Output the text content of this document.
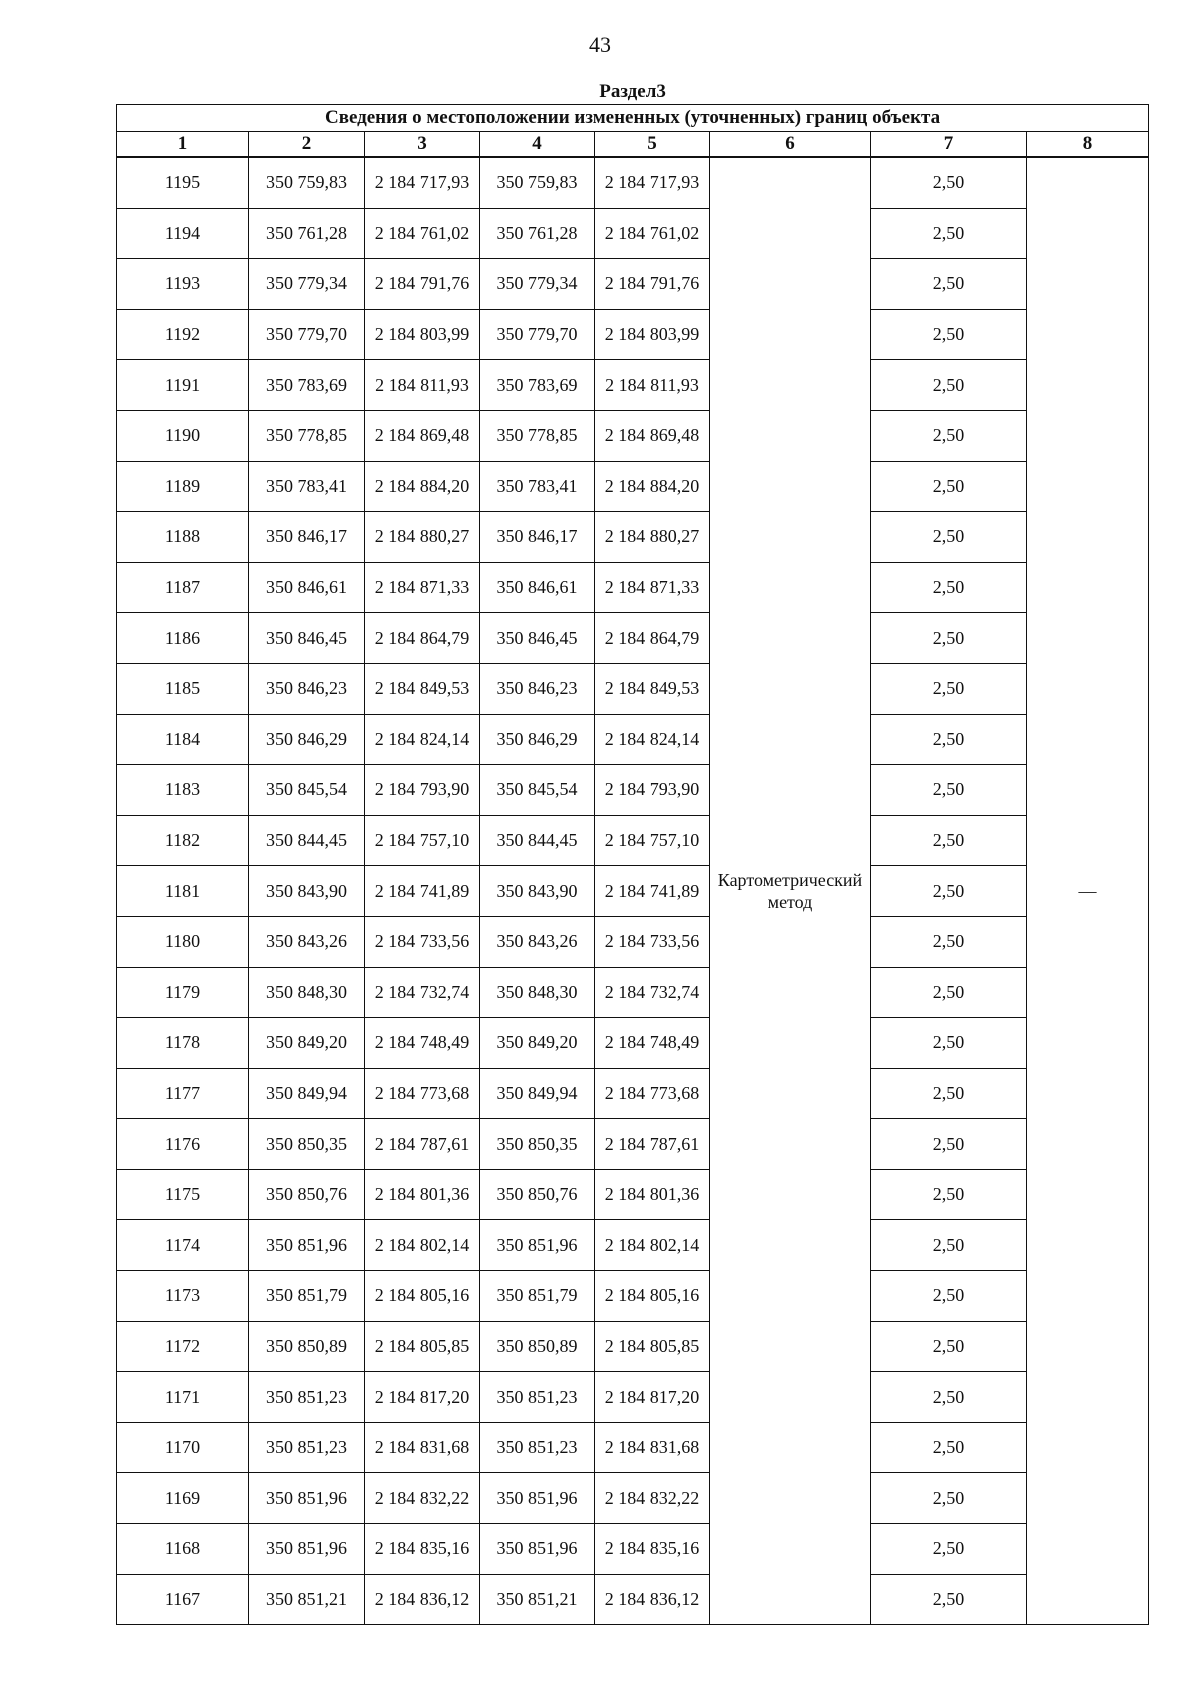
43
Раздел3							
Сведения о местоположении измененных (уточненных) границ объекта							
1	2	3	4	5	6	7	8
1195	350 759,83	2 184 717,93	350 759,83	2 184 717,93	Картометрический метод	2,50	—
1194	350 761,28	2 184 761,02	350 761,28	2 184 761,02		2,50	
1193	350 779,34	2 184 791,76	350 779,34	2 184 791,76		2,50	
1192	350 779,70	2 184 803,99	350 779,70	2 184 803,99		2,50	
1191	350 783,69	2 184 811,93	350 783,69	2 184 811,93		2,50	
1190	350 778,85	2 184 869,48	350 778,85	2 184 869,48		2,50	
1189	350 783,41	2 184 884,20	350 783,41	2 184 884,20		2,50	
1188	350 846,17	2 184 880,27	350 846,17	2 184 880,27		2,50	
1187	350 846,61	2 184 871,33	350 846,61	2 184 871,33		2,50	
1186	350 846,45	2 184 864,79	350 846,45	2 184 864,79		2,50	
1185	350 846,23	2 184 849,53	350 846,23	2 184 849,53		2,50	
1184	350 846,29	2 184 824,14	350 846,29	2 184 824,14		2,50	
1183	350 845,54	2 184 793,90	350 845,54	2 184 793,90		2,50	
1182	350 844,45	2 184 757,10	350 844,45	2 184 757,10		2,50	
1181	350 843,90	2 184 741,89	350 843,90	2 184 741,89		2,50	
1180	350 843,26	2 184 733,56	350 843,26	2 184 733,56		2,50	
1179	350 848,30	2 184 732,74	350 848,30	2 184 732,74		2,50	
1178	350 849,20	2 184 748,49	350 849,20	2 184 748,49		2,50	
1177	350 849,94	2 184 773,68	350 849,94	2 184 773,68		2,50	
1176	350 850,35	2 184 787,61	350 850,35	2 184 787,61		2,50	
1175	350 850,76	2 184 801,36	350 850,76	2 184 801,36		2,50	
1174	350 851,96	2 184 802,14	350 851,96	2 184 802,14		2,50	
1173	350 851,79	2 184 805,16	350 851,79	2 184 805,16		2,50	
1172	350 850,89	2 184 805,85	350 850,89	2 184 805,85		2,50	
1171	350 851,23	2 184 817,20	350 851,23	2 184 817,20		2,50	
1170	350 851,23	2 184 831,68	350 851,23	2 184 831,68		2,50	
1169	350 851,96	2 184 832,22	350 851,96	2 184 832,22		2,50	
1168	350 851,96	2 184 835,16	350 851,96	2 184 835,16		2,50	
1167	350 851,21	2 184 836,12	350 851,21	2 184 836,12		2,50	
